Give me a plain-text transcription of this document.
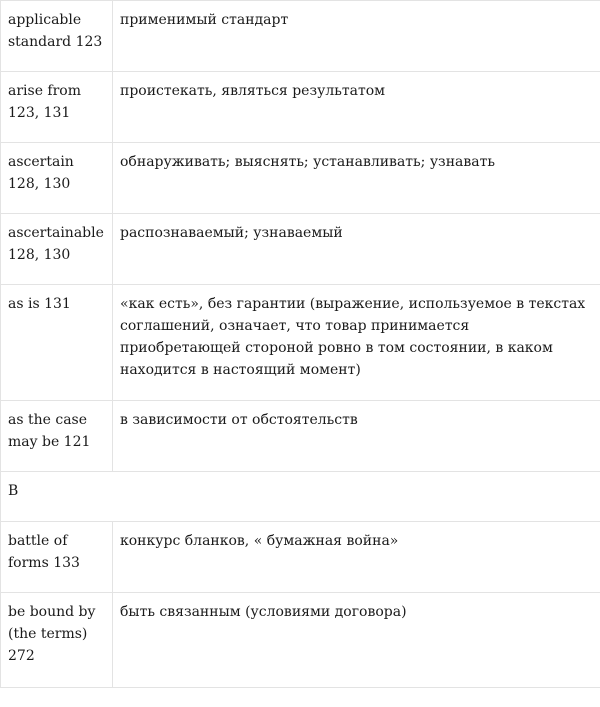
applicable standard 123	применимый стандарт
arise from 123, 131	проистекать, являться результатом
ascertain 128, 130	обнаруживать; выяснять; устанавливать; узнавать
ascertainable 128, 130	распознаваемый; узнаваемый
as is 131	«как есть», без гарантии (выражение, используемое в текстах соглашений, означает, что товар принимается приобретающей стороной ровно в том состоянии, в каком находится в настоящий момент)
as the case may be 121	в зависимости от обстоятельств
B	
battle of forms 133	конкурс бланков, « бумажная война»
be bound by (the terms) 272	быть связанным (условиями договора)
